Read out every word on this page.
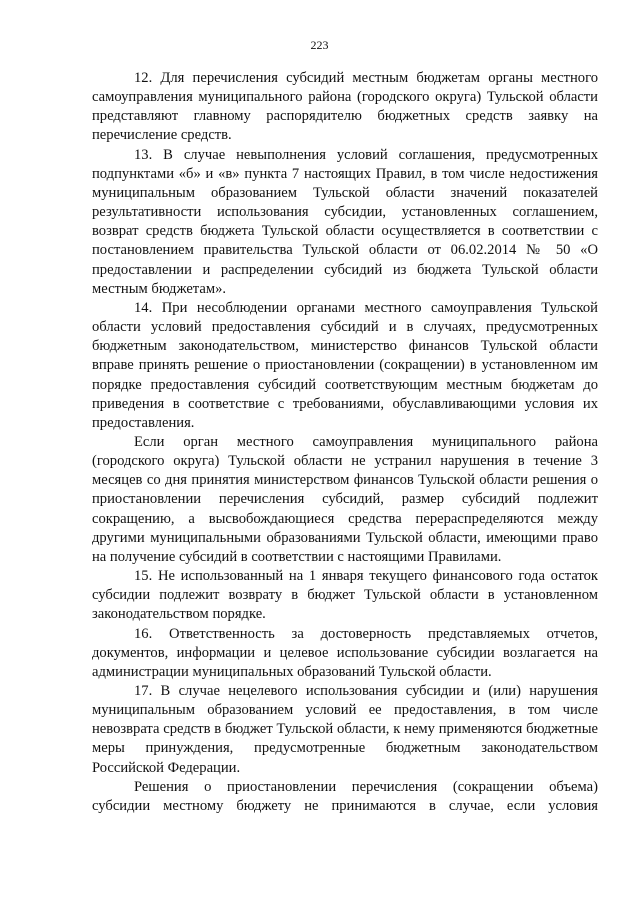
223

12. Для перечисления субсидий местным бюджетам органы местного самоуправления муниципального района (городского округа) Тульской области представляют главному распорядителю бюджетных средств заявку на перечисление средств.

13. В случае невыполнения условий соглашения, предусмотренных подпунктами «б» и «в» пункта 7 настоящих Правил, в том числе недостижения муниципальным образованием Тульской области значений показателей результативности использования субсидии, установленных соглашением, возврат средств бюджета Тульской области осуществляется в соответствии с постановлением правительства Тульской области от 06.02.2014 № 50 «О предоставлении и распределении субсидий из бюджета Тульской области местным бюджетам».

14. При несоблюдении органами местного самоуправления Тульской области условий предоставления субсидий и в случаях, предусмотренных бюджетным законодательством, министерство финансов Тульской области вправе принять решение о приостановлении (сокращении) в установленном им порядке предоставления субсидий соответствующим местным бюджетам до приведения в соответствие с требованиями, обуславливающими условия их предоставления.

Если орган местного самоуправления муниципального района (городского округа) Тульской области не устранил нарушения в течение 3 месяцев со дня принятия министерством финансов Тульской области решения о приостановлении перечисления субсидий, размер субсидий подлежит сокращению, а высвобождающиеся средства перераспределяются между другими муниципальными образованиями Тульской области, имеющими право на получение субсидий в соответствии с настоящими Правилами.

15. Не использованный на 1 января текущего финансового года остаток субсидии подлежит возврату в бюджет Тульской области в установленном законодательством порядке.

16. Ответственность за достоверность представляемых отчетов, документов, информации и целевое использование субсидии возлагается на администрации муниципальных образований Тульской области.

17. В случае нецелевого использования субсидии и (или) нарушения муниципальным образованием условий ее предоставления, в том числе невозврата средств в бюджет Тульской области, к нему применяются бюджетные меры принуждения, предусмотренные бюджетным законодательством Российской Федерации.

Решения о приостановлении перечисления (сокращении объема) субсидии местному бюджету не принимаются в случае, если условия
